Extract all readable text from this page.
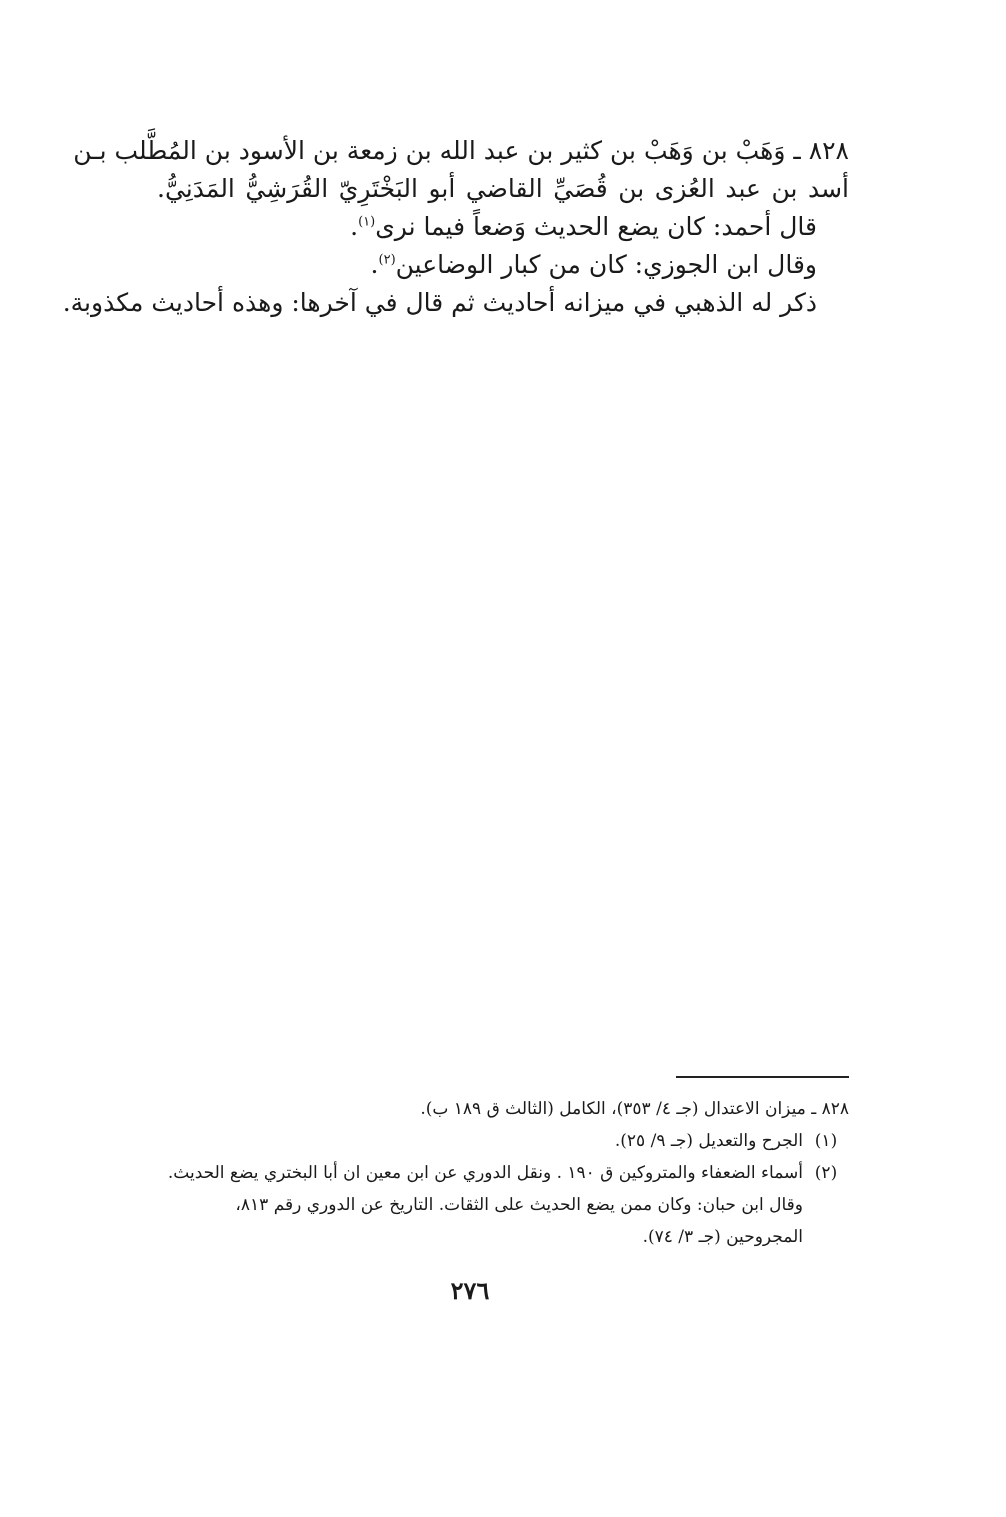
٨٢٨ـ وَهَبْ بن وَهَبْ بن كثير بن عبد الله بن زمعة بن الأسود بن المُطَّلب بـن
أسد بن عبد العُزى بن قُصَيِّ القاضي أبو البَخْتَرِيّ القُرَشِيُّ المَدَنِيُّ.
قال أحمد: كان يضع الحديث وَضعاً فيما نرى$^{(١)}$.
وقال ابن الجوزي: كان من كبار الوضاعين$^{(٢)}$.
ذكر له الذهبي في ميزانه أحاديث ثم قال في آخرها: وهذه أحاديث مكذوبة.
٨٢٨ ـ ميزان الاعتدال (جـ ٤/ ٣٥٣)، الكامل (الثالث ق ١٨٩ ب).
(١)
الجرح والتعديل (جـ ٩/ ٢٥).
(٢)
أسماء الضعفاء والمتروكين ق ١٩٠ . ونقل الدوري عن ابن معين ان أبا البختري يضع الحديث.
وقال ابن حبان: وكان ممن يضع الحديث على الثقات. التاريخ عن الدوري رقم ٨١٣،
المجروحين (جـ ٣/ ٧٤).
٢٧٦
